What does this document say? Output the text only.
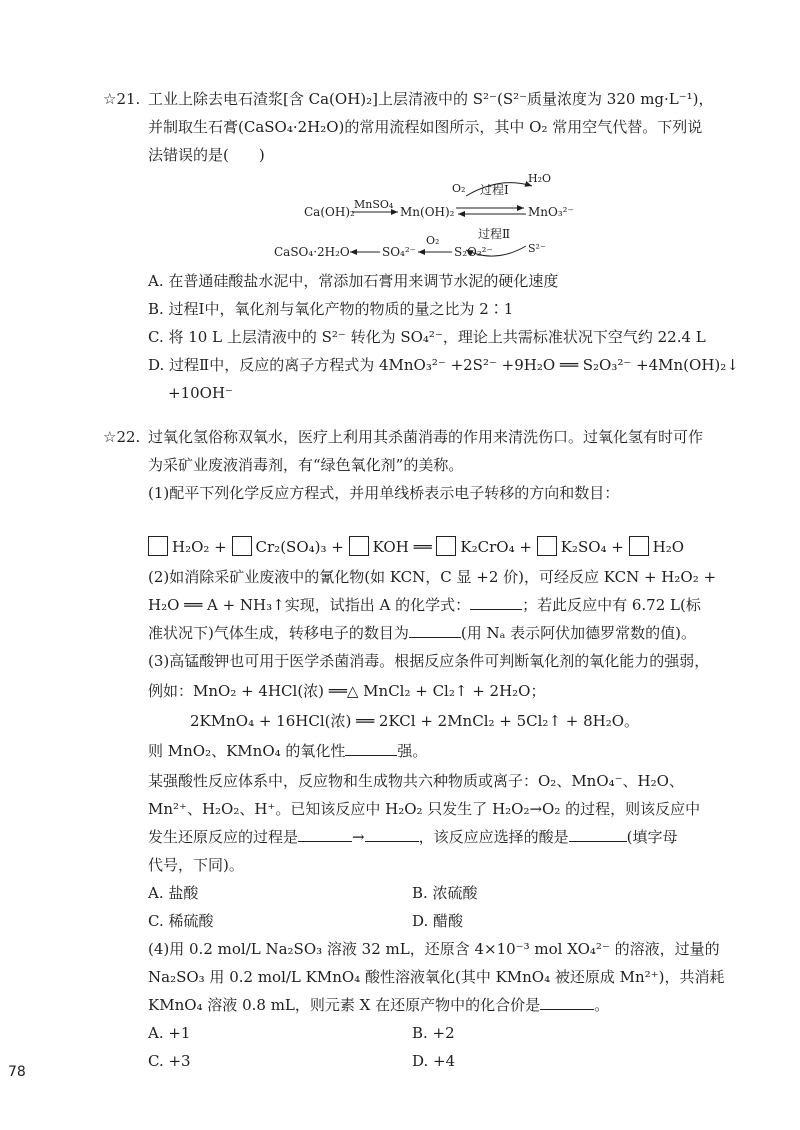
☆21. 工业上除去电石渣浆[含 Ca(OH)₂]上层清液中的 S²⁻(S²⁻质量浓度为 320 mg·L⁻¹)，
并制取生石膏(CaSO₄·2H₂O)的常用流程如图所示，其中 O₂ 常用空气代替。下列说
法错误的是(　　)
Ca(OH)₂
MnSO₄
Mn(OH)₂	MnO₃²⁻
O₂ 过程Ⅰ
H₂O
过程Ⅱ
S²⁻
CaSO₄·2H₂O	SO₄²⁻
O₂
S₂O₃²⁻
A. 在普通硅酸盐水泥中，常添加石膏用来调节水泥的硬化速度
B. 过程Ⅰ中，氧化剂与氧化产物的物质的量之比为 2∶1
C. 将 10 L 上层清液中的 S²⁻ 转化为 SO₄²⁻，理论上共需标准状况下空气约 22.4 L
D. 过程Ⅱ中，反应的离子方程式为 4MnO₃²⁻ +2S²⁻ +9H₂O ══ S₂O₃²⁻ +4Mn(OH)₂↓
+10OH⁻
☆22. 过氧化氢俗称双氧水，医疗上利用其杀菌消毒的作用来清洗伤口。过氧化氢有时可作
为采矿业废液消毒剂，有“绿色氧化剂”的美称。
(1)配平下列化学反应方程式，并用单线桥表示电子转移的方向和数目：
H₂O₂ + Cr₂(SO₄)₃ + KOH ══ K₂CrO₄ + K₂SO₄ + H₂O
(2)如消除采矿业废液中的氰化物(如 KCN，C 显 +2 价)，可经反应 KCN + H₂O₂ +
H₂O ══ A + NH₃↑实现，试指出 A 的化学式：	；若此反应中有 6.72 L(标
准状况下)气体生成，转移电子的数目为	(用 Nₐ 表示阿伏加德罗常数的值)。
(3)高锰酸钾也可用于医学杀菌消毒。根据反应条件可判断氧化剂的氧化能力的强弱，
例如：MnO₂ + 4HCl(浓) ══△ MnCl₂ + Cl₂↑ + 2H₂O；
2KMnO₄ + 16HCl(浓) ══ 2KCl + 2MnCl₂ + 5Cl₂↑ + 8H₂O。
则 MnO₂、KMnO₄ 的氧化性	强。
某强酸性反应体系中，反应物和生成物共六种物质或离子：O₂、MnO₄⁻、H₂O、
Mn²⁺、H₂O₂、H⁺。已知该反应中 H₂O₂ 只发生了 H₂O₂→O₂ 的过程，则该反应中
发生还原反应的过程是	→	，该反应应选择的酸是	(填字母
代号，下同)。
A. 盐酸	B. 浓硫酸
C. 稀硫酸	D. 醋酸
(4)用 0.2 mol/L Na₂SO₃ 溶液 32 mL，还原含 4×10⁻³ mol XO₄²⁻ 的溶液，过量的
Na₂SO₃ 用 0.2 mol/L KMnO₄ 酸性溶液氧化(其中 KMnO₄ 被还原成 Mn²⁺)，共消耗
KMnO₄ 溶液 0.8 mL，则元素 X 在还原产物中的化合价是	。
A. +1	B. +2
C. +3	D. +4
78
